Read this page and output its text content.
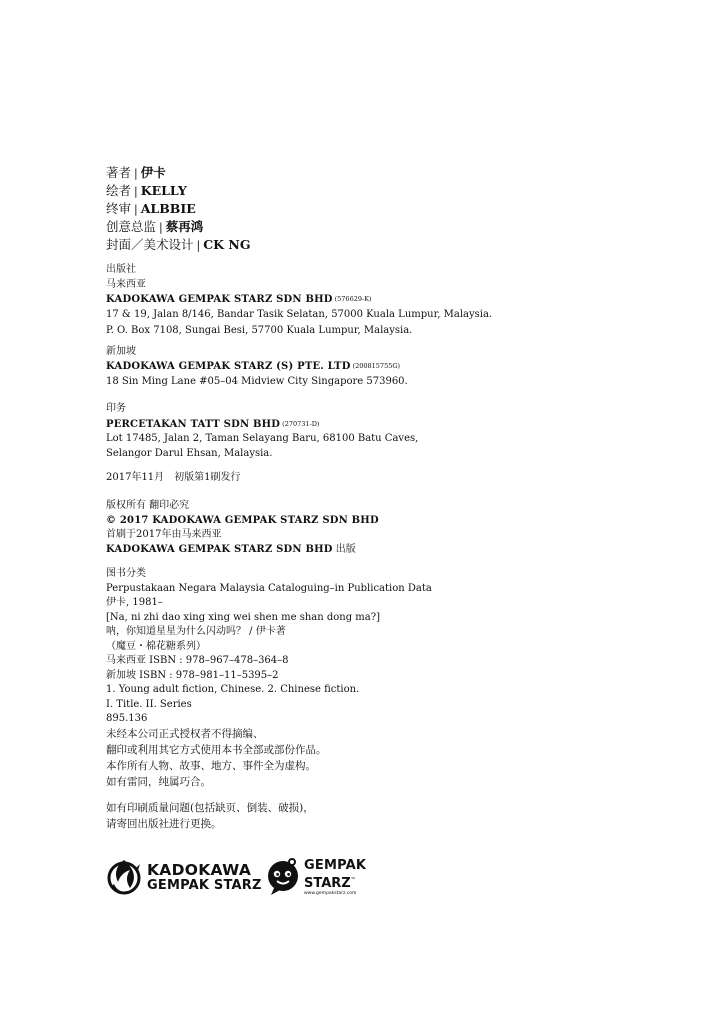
著者 | 伊卡
绘者 | KELLY
终审 | ALBBIE
创意总监 | 蔡再鸿
封面／美术设计 | CK NG
出版社
马来西亚
KADOKAWA GEMPAK STARZ SDN BHD (576629-K)
17 & 19, Jalan 8/146, Bandar Tasik Selatan, 57000 Kuala Lumpur, Malaysia.
P. O. Box 7108, Sungai Besi, 57700 Kuala Lumpur, Malaysia.
新加坡
KADOKAWA GEMPAK STARZ (S) PTE. LTD (200815755G)
18 Sin Ming Lane #05–04 Midview City Singapore 573960.
印务
PERCETAKAN TATT SDN BHD (270731-D)
Lot 17485, Jalan 2, Taman Selayang Baru, 68100 Batu Caves,
Selangor Darul Ehsan, Malaysia.
2017年11月　初版第1刷发行
版权所有 翻印必究
© 2017 KADOKAWA GEMPAK STARZ SDN BHD
首刷于2017年由马来西亚
KADOKAWA GEMPAK STARZ SDN BHD 出版
图书分类
Perpustakaan Negara Malaysia Cataloguing–in Publication Data
伊卡, 1981–
[Na, ni zhi dao xing xing wei shen me shan dong ma?]
呐，你知道星星为什么闪动吗？ / 伊卡著
（魔豆・棉花糖系列）
马来西亚 ISBN : 978–967–478–364–8
新加坡 ISBN : 978–981–11–5395–2
1. Young adult fiction, Chinese. 2. Chinese fiction.
I. Title. II. Series
895.136
未经本公司正式授权者不得摘编、
翻印或利用其它方式使用本书全部或部份作品。
本作所有人物、故事、地方、事件全为虚构。
如有雷同，纯属巧合。
如有印刷质量问题(包括缺页、倒装、破损)，
请寄回出版社进行更换。
KADOKAWA
GEMPAK STARZ
GEMPAK
STARZ™
www.gempakstarz.com
